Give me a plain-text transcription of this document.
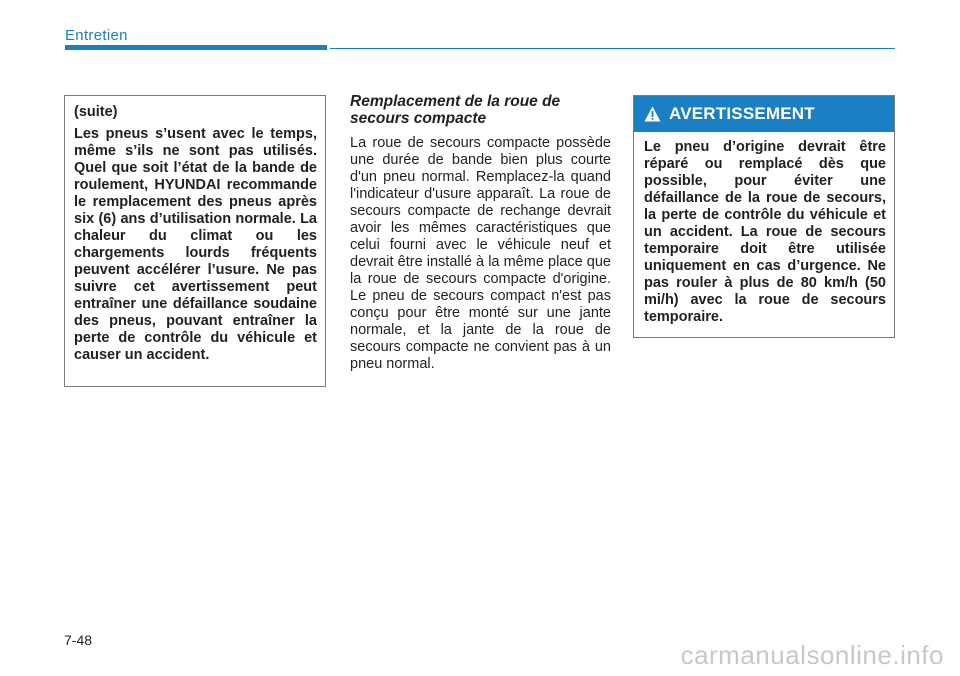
Entretien

(suite)

Les pneus s’usent avec le temps, même s’ils ne sont pas utilisés. Quel que soit l’état de la bande de roulement, HYUNDAI recommande le remplacement des pneus après six (6) ans d’utilisation normale. La chaleur du climat ou les chargements lourds fréquents peuvent accélérer l’usure. Ne pas suivre cet avertissement peut entraîner une défaillance soudaine des pneus, pouvant entraîner la perte de contrôle du véhicule et causer un accident.

Remplacement de la roue de secours compacte

La roue de secours compacte possède une durée de bande bien plus courte d'un pneu normal. Remplacez-la quand l'indicateur d'usure apparaît. La roue de secours compacte de rechange devrait avoir les mêmes caractéristiques que celui fourni avec le véhicule neuf et devrait être installé à la même place que la roue de secours compacte d'origine. Le pneu de secours compact n'est pas conçu pour être monté sur une jante normale, et la jante de la roue de secours compacte ne convient pas à un pneu normal.

AVERTISSEMENT

Le pneu d’origine devrait être réparé ou remplacé dès que possible, pour éviter une défaillance de la roue de secours, la perte de contrôle du véhicule et un accident. La roue de secours temporaire doit être utilisée uniquement en cas d’urgence. Ne pas rouler à plus de 80 km/h (50 mi/h) avec la roue de secours temporaire.

7-48	carmanualsonline.info
